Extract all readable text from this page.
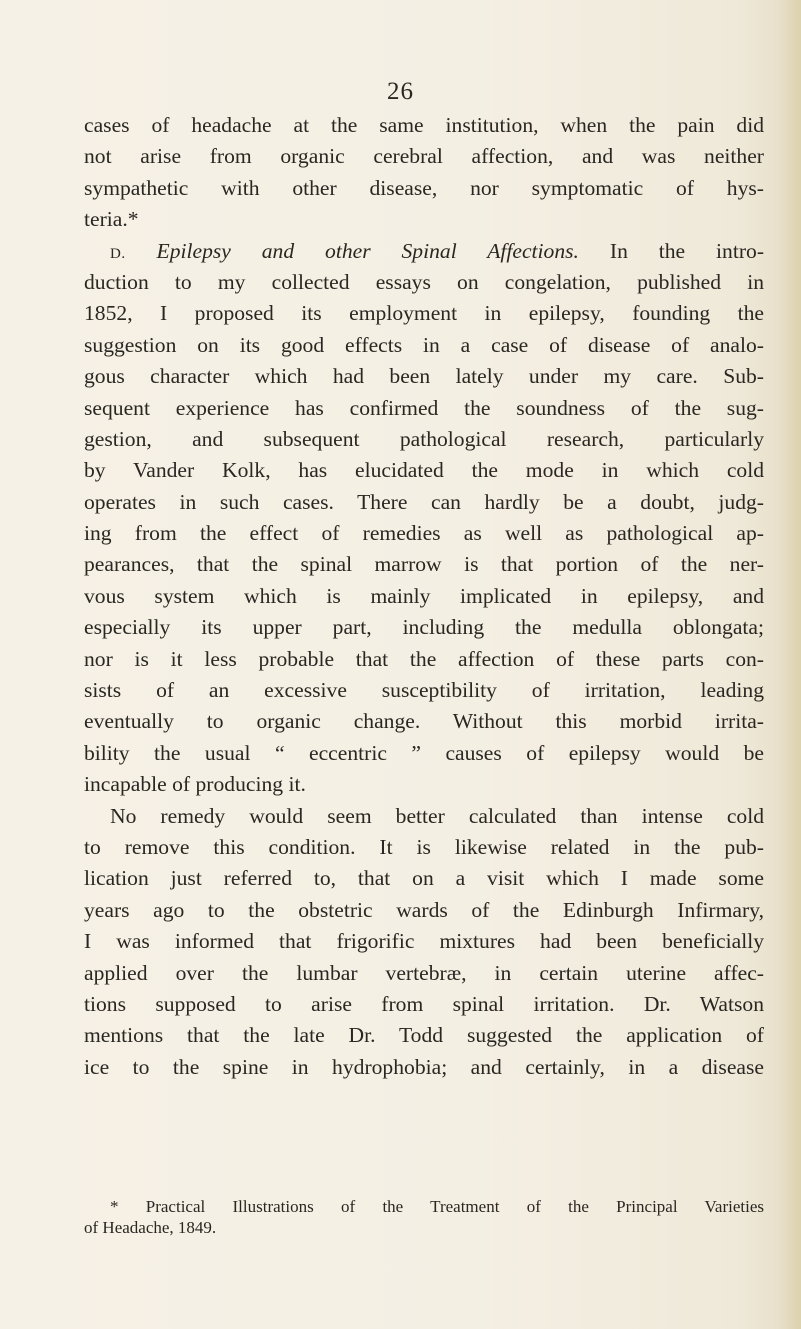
26
cases of headache at the same institution, when the pain did
not arise from organic cerebral affection, and was neither
sympathetic with other disease, nor symptomatic of hys-
teria.*
D. Epilepsy and other Spinal Affections. In the intro-
duction to my collected essays on congelation, published in
1852, I proposed its employment in epilepsy, founding the
suggestion on its good effects in a case of disease of analo-
gous character which had been lately under my care. Sub-
sequent experience has confirmed the soundness of the sug-
gestion, and subsequent pathological research, particularly
by Vander Kolk, has elucidated the mode in which cold
operates in such cases. There can hardly be a doubt, judg-
ing from the effect of remedies as well as pathological ap-
pearances, that the spinal marrow is that portion of the ner-
vous system which is mainly implicated in epilepsy, and
especially its upper part, including the medulla oblongata;
nor is it less probable that the affection of these parts con-
sists of an excessive susceptibility of irritation, leading
eventually to organic change. Without this morbid irrita-
bility the usual “ eccentric ” causes of epilepsy would be
incapable of producing it.
No remedy would seem better calculated than intense cold
to remove this condition. It is likewise related in the pub-
lication just referred to, that on a visit which I made some
years ago to the obstetric wards of the Edinburgh Infirmary,
I was informed that frigorific mixtures had been beneficially
applied over the lumbar vertebræ, in certain uterine affec-
tions supposed to arise from spinal irritation. Dr. Watson
mentions that the late Dr. Todd suggested the application of
ice to the spine in hydrophobia; and certainly, in a disease
* Practical Illustrations of the Treatment of the Principal Varieties
of Headache, 1849.
